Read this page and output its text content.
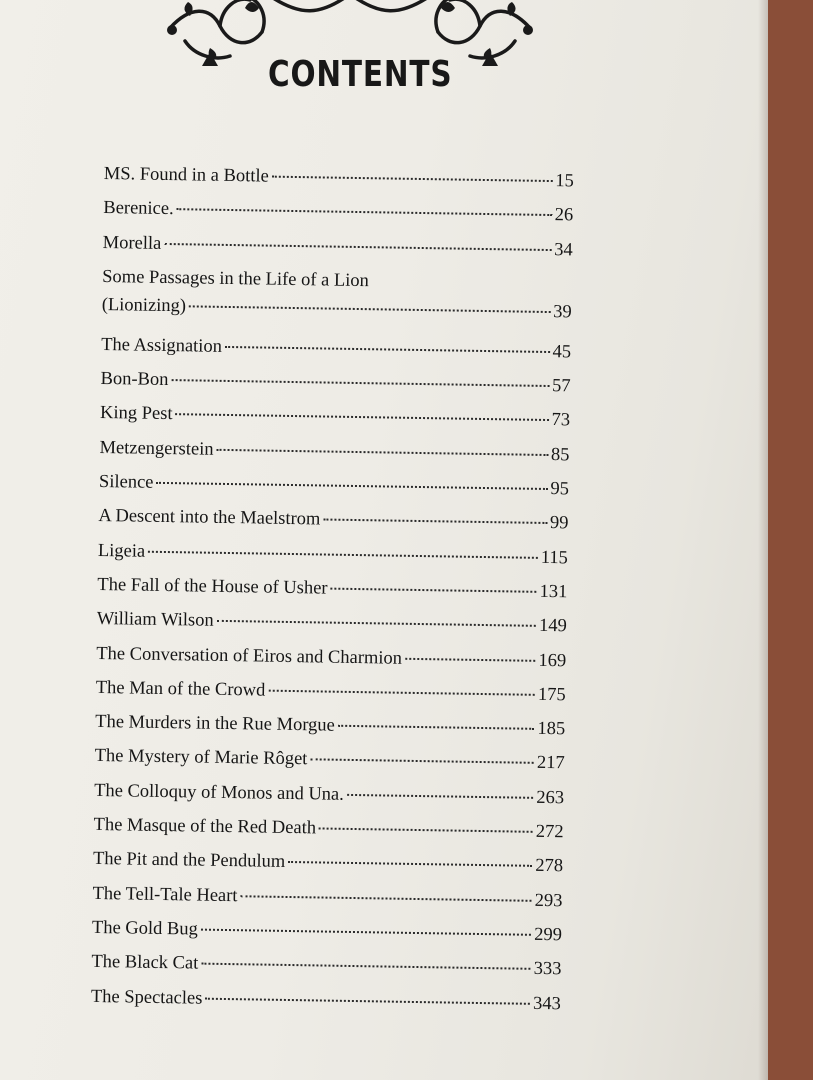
CONTENTS
MS. Found in a Bottle	15
Berenice.	26
Morella	34
Some Passages in the Life of a Lion
(Lionizing)	39
The Assignation	45
Bon-Bon	57
King Pest	73
Metzengerstein	85
Silence	95
A Descent into the Maelstrom	99
Ligeia	115
The Fall of the House of Usher	131
William Wilson	149
The Conversation of Eiros and Charmion	169
The Man of the Crowd	175
The Murders in the Rue Morgue	185
The Mystery of Marie Rôget	217
The Colloquy of Monos and Una.	263
The Masque of the Red Death	272
The Pit and the Pendulum	278
The Tell-Tale Heart	293
The Gold Bug	299
The Black Cat	333
The Spectacles	343
